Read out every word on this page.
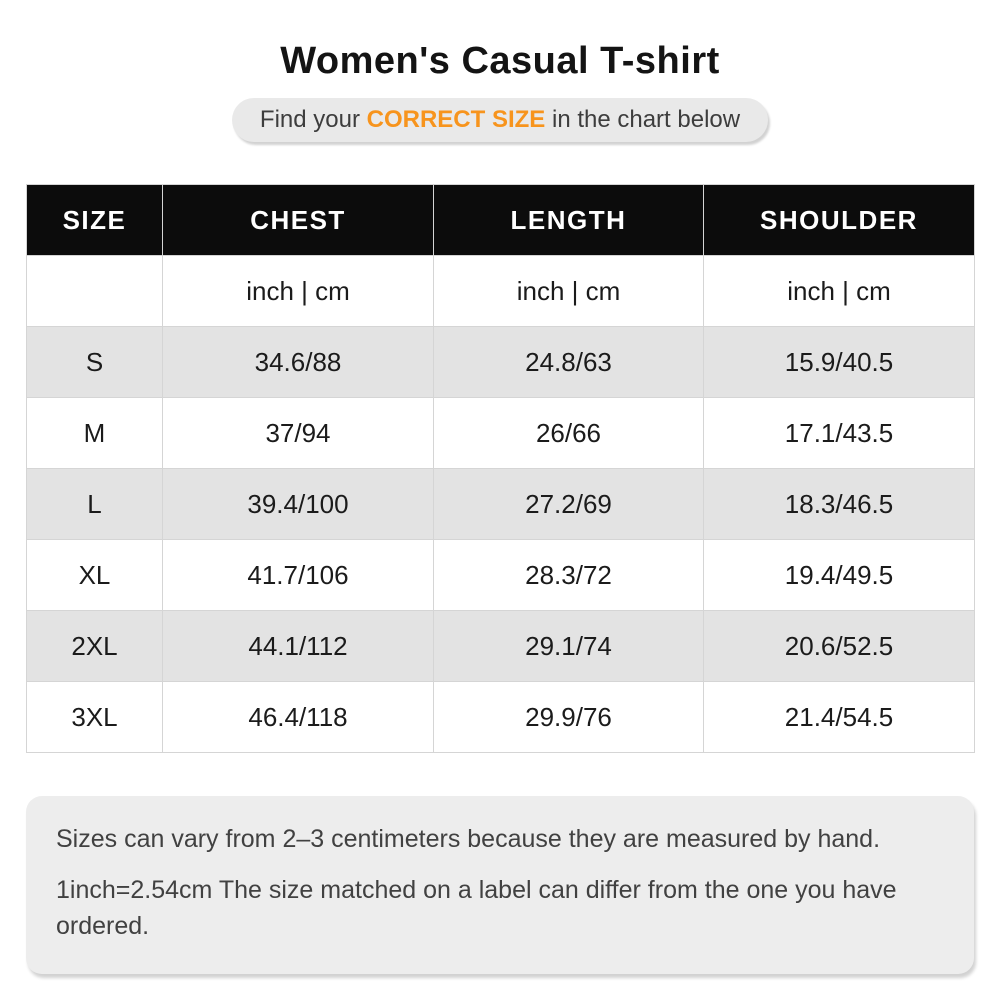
Women's Casual T-shirt
Find your CORRECT SIZE in the chart below
SIZE	CHEST	LENGTH	SHOULDER
	inch | cm	inch | cm	inch | cm
S	34.6/88	24.8/63	15.9/40.5
M	37/94	26/66	17.1/43.5
L	39.4/100	27.2/69	18.3/46.5
XL	41.7/106	28.3/72	19.4/49.5
2XL	44.1/112	29.1/74	20.6/52.5
3XL	46.4/118	29.9/76	21.4/54.5

Sizes can vary from 2–3 centimeters because they are measured by hand.

1inch=2.54cm The size matched on a label can differ from the one you have ordered.
